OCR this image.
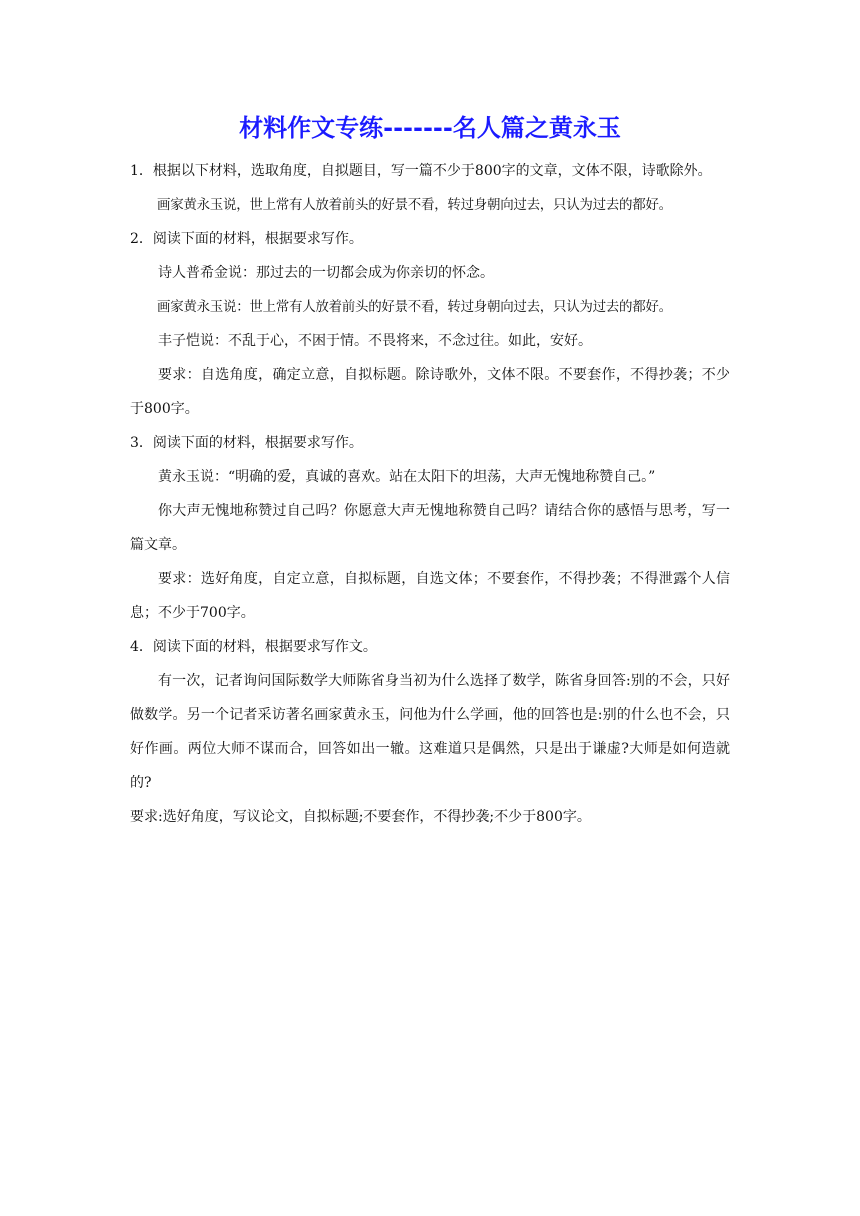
材料作文专练-------名人篇之黄永玉

1．根据以下材料，选取角度，自拟题目，写一篇不少于800字的文章，文体不限，诗歌除外。

画家黄永玉说，世上常有人放着前头的好景不看，转过身朝向过去，只认为过去的都好。

2．阅读下面的材料，根据要求写作。

诗人普希金说：那过去的一切都会成为你亲切的怀念。

画家黄永玉说：世上常有人放着前头的好景不看，转过身朝向过去，只认为过去的都好。

丰子恺说：不乱于心，不困于情。不畏将来，不念过往。如此，安好。

要求：自选角度，确定立意，自拟标题。除诗歌外，文体不限。不要套作，不得抄袭；不少于800字。

3．阅读下面的材料，根据要求写作。

黄永玉说：“明确的爱，真诚的喜欢。站在太阳下的坦荡，大声无愧地称赞自己。”

你大声无愧地称赞过自己吗？你愿意大声无愧地称赞自己吗？请结合你的感悟与思考，写一篇文章。

要求：选好角度，自定立意，自拟标题，自选文体；不要套作，不得抄袭；不得泄露个人信息；不少于700字。

4．阅读下面的材料，根据要求写作文。

有一次，记者询问国际数学大师陈省身当初为什么选择了数学，陈省身回答:别的不会，只好做数学。另一个记者采访著名画家黄永玉，问他为什么学画，他的回答也是:别的什么也不会，只好作画。两位大师不谋而合，回答如出一辙。这难道只是偶然，只是出于谦虚?大师是如何造就的?

要求:选好角度，写议论文，自拟标题;不要套作，不得抄袭;不少于800字。
